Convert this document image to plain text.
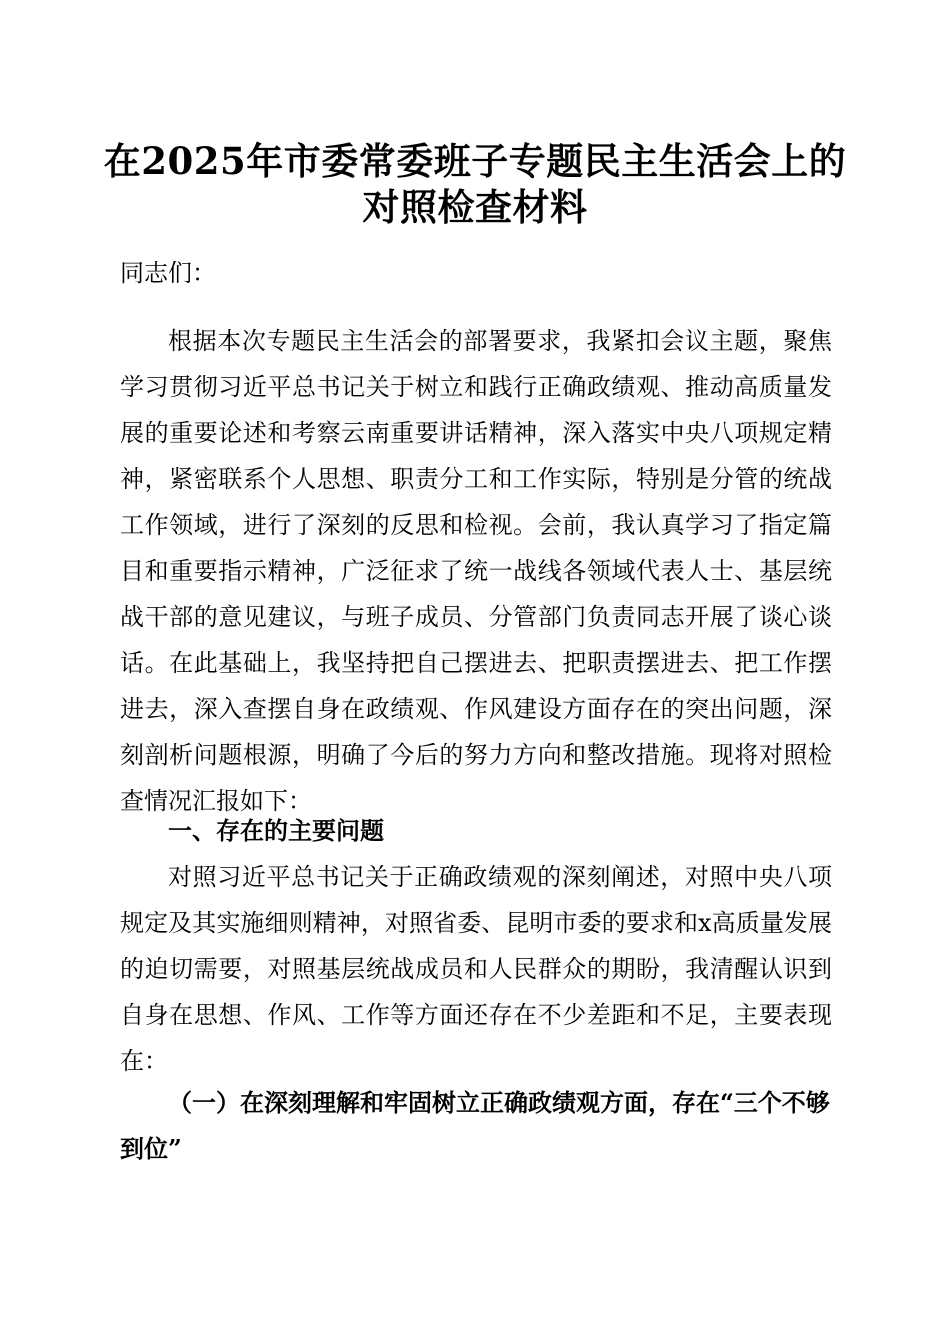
在2025年市委常委班子专题民主生活会上的
对照检查材料

同志们：

根据本次专题民主生活会的部署要求，我紧扣会议主题，聚焦学习贯彻习近平总书记关于树立和践行正确政绩观、推动高质量发展的重要论述和考察云南重要讲话精神，深入落实中央八项规定精神，紧密联系个人思想、职责分工和工作实际，特别是分管的统战工作领域，进行了深刻的反思和检视。会前，我认真学习了指定篇目和重要指示精神，广泛征求了统一战线各领域代表人士、基层统战干部的意见建议，与班子成员、分管部门负责同志开展了谈心谈话。在此基础上，我坚持把自己摆进去、把职责摆进去、把工作摆进去，深入查摆自身在政绩观、作风建设方面存在的突出问题，深刻剖析问题根源，明确了今后的努力方向和整改措施。现将对照检查情况汇报如下：

一、存在的主要问题

对照习近平总书记关于正确政绩观的深刻阐述，对照中央八项规定及其实施细则精神，对照省委、昆明市委的要求和x高质量发展的迫切需要，对照基层统战成员和人民群众的期盼，我清醒认识到自身在思想、作风、工作等方面还存在不少差距和不足，主要表现在：

（一）在深刻理解和牢固树立正确政绩观方面，存在“三个不够到位”
